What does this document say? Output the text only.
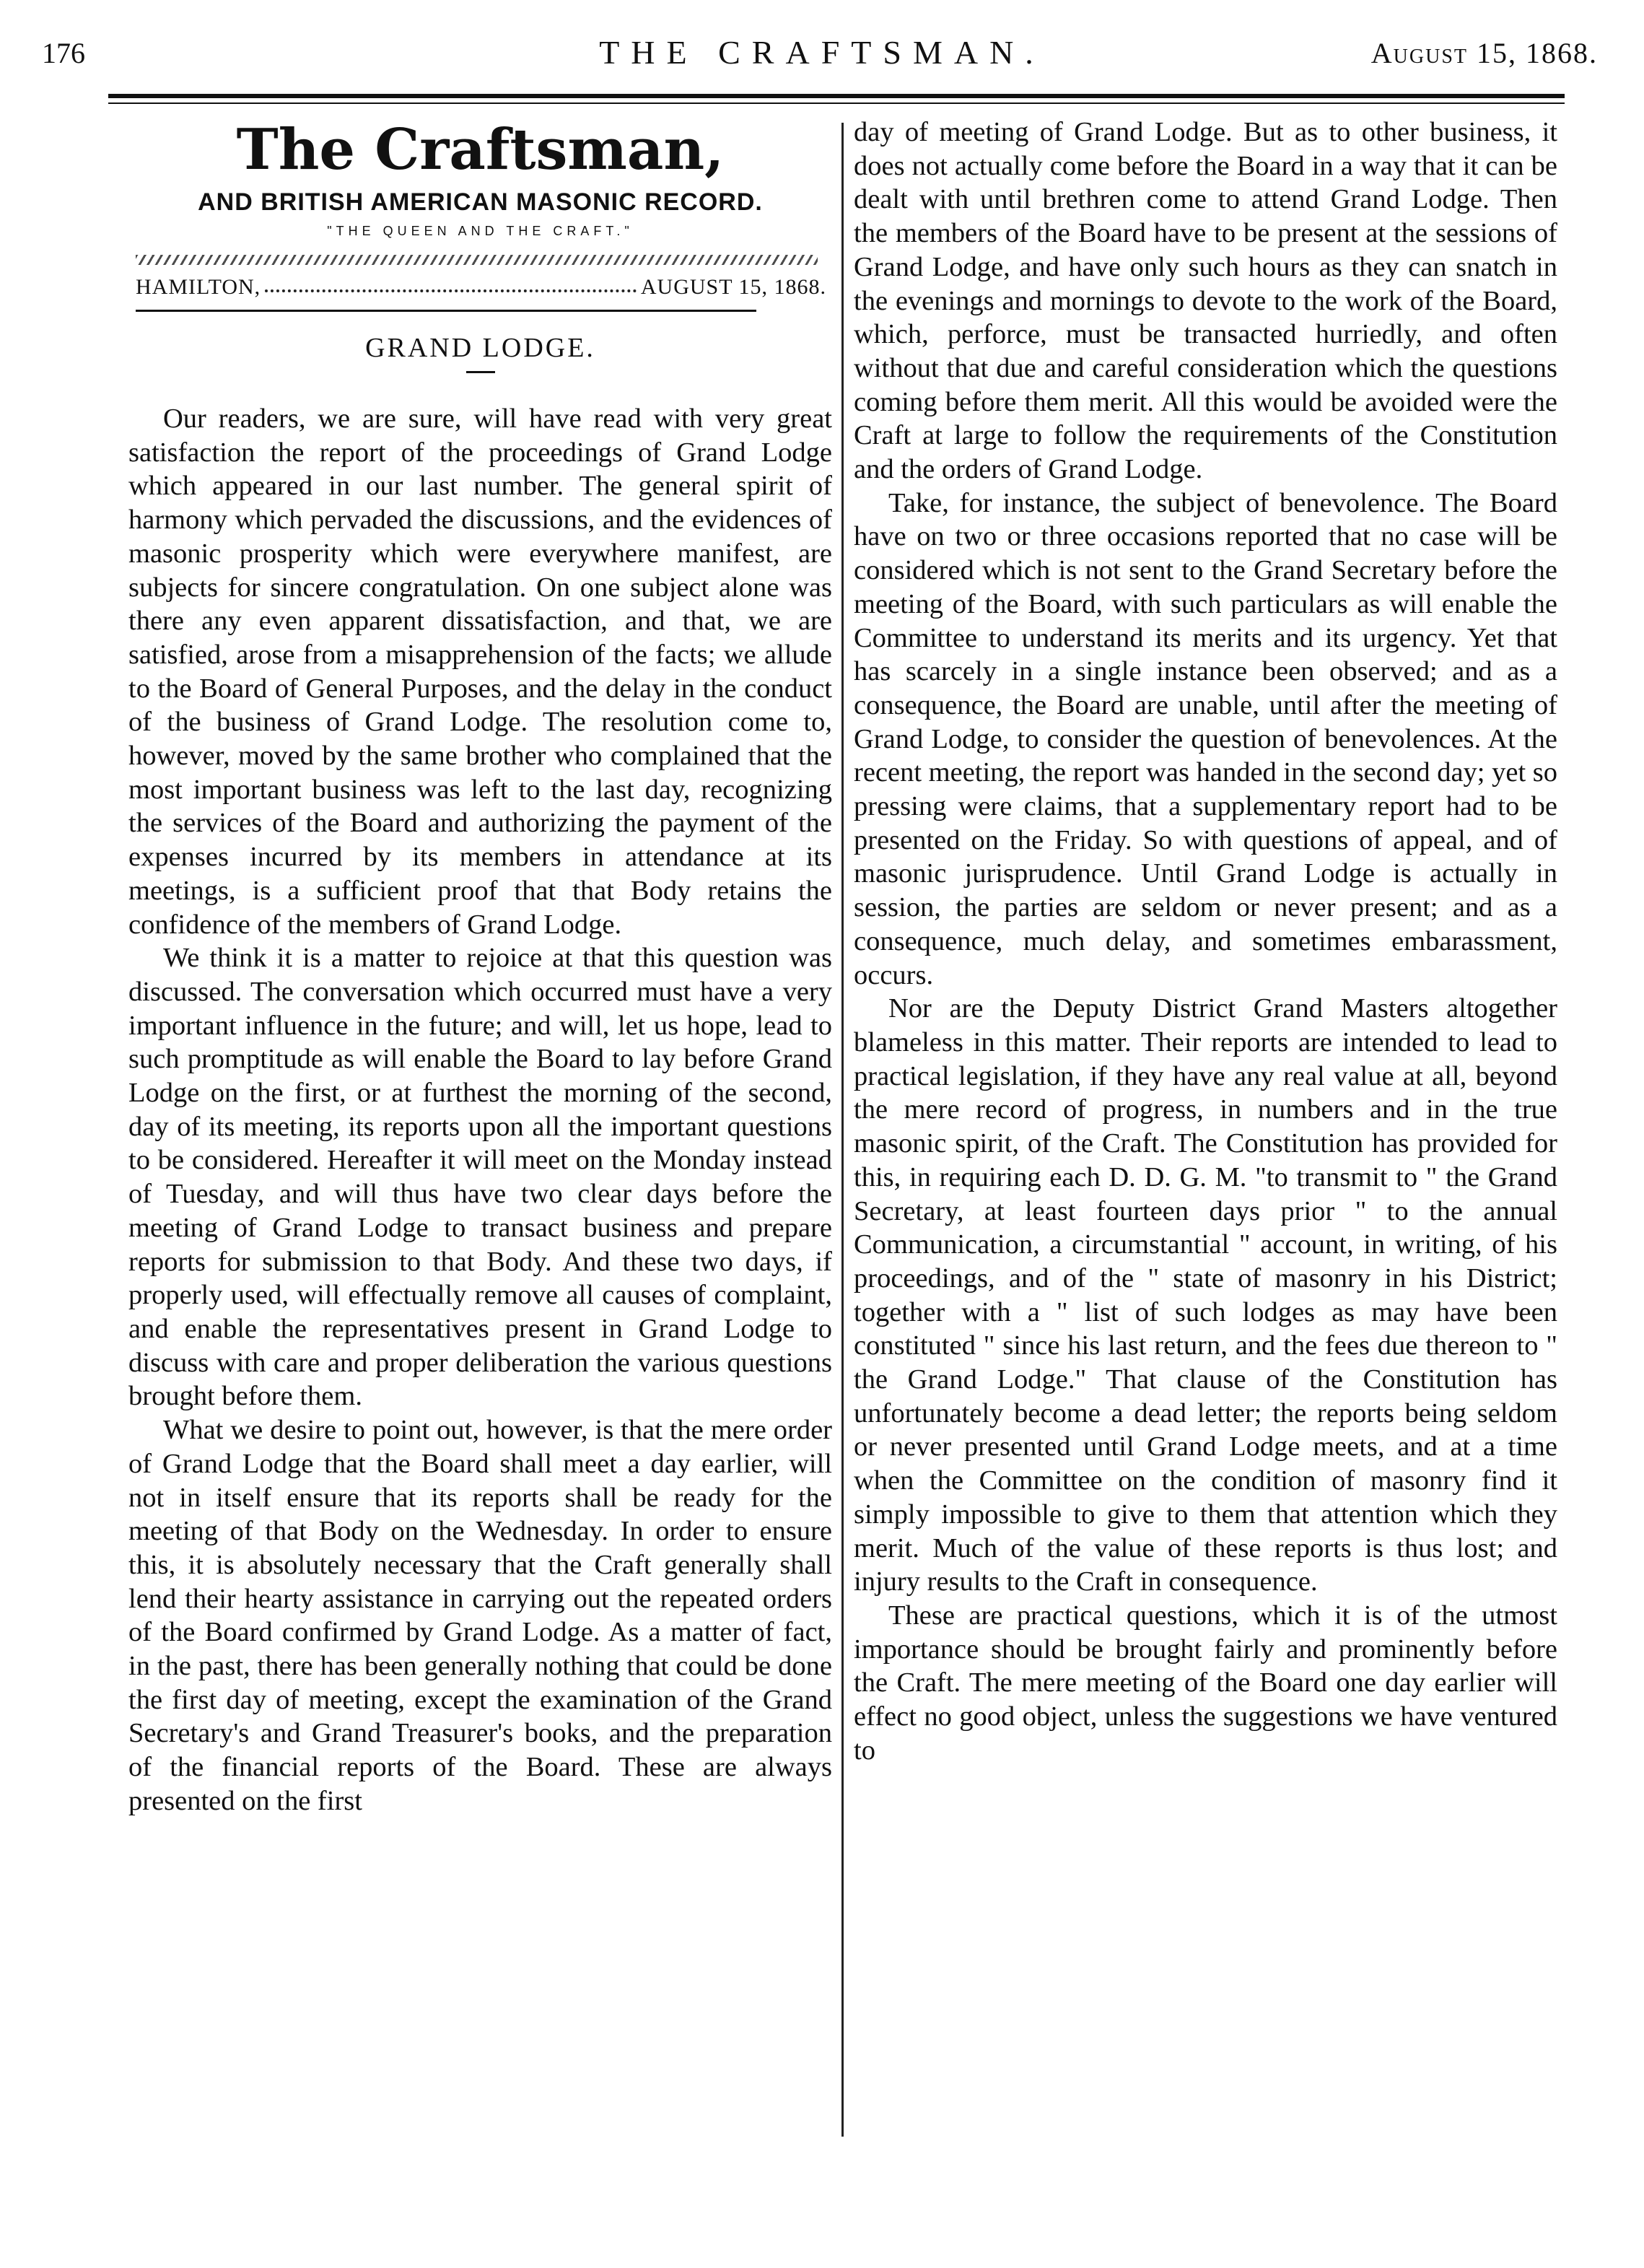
176	THE CRAFTSMAN.	August 15, 1868.
The Craftsman,
AND BRITISH AMERICAN MASONIC RECORD.
"THE QUEEN AND THE CRAFT."
HAMILTON,	AUGUST 15, 1868.
GRAND LODGE.

Our readers, we are sure, will have read with very great satisfaction the report of the proceedings of Grand Lodge which appeared in our last number. The general spirit of harmony which pervaded the discussions, and the evidences of masonic prosperity which were everywhere manifest, are subjects for sincere congratulation. On one subject alone was there any even apparent dissatisfaction, and that, we are satisfied, arose from a misapprehension of the facts; we allude to the Board of General Purposes, and the delay in the conduct of the business of Grand Lodge. The resolution come to, however, moved by the same brother who complained that the most important business was left to the last day, recognizing the services of the Board and authorizing the payment of the expenses incurred by its members in attendance at its meetings, is a sufficient proof that that Body retains the confidence of the members of Grand Lodge.

We think it is a matter to rejoice at that this question was discussed. The conversation which occurred must have a very important influence in the future; and will, let us hope, lead to such promptitude as will enable the Board to lay before Grand Lodge on the first, or at furthest the morning of the second, day of its meeting, its reports upon all the important questions to be considered. Hereafter it will meet on the Monday instead of Tuesday, and will thus have two clear days before the meeting of Grand Lodge to transact business and prepare reports for submission to that Body. And these two days, if properly used, will effectually remove all causes of complaint, and enable the representatives present in Grand Lodge to discuss with care and proper deliberation the various questions brought before them.

What we desire to point out, however, is that the mere order of Grand Lodge that the Board shall meet a day earlier, will not in itself ensure that its reports shall be ready for the meeting of that Body on the Wednesday. In order to ensure this, it is absolutely necessary that the Craft generally shall lend their hearty assistance in carrying out the repeated orders of the Board confirmed by Grand Lodge. As a matter of fact, in the past, there has been generally nothing that could be done the first day of meeting, except the examination of the Grand Secretary's and Grand Treasurer's books, and the preparation of the financial reports of the Board. These are always presented on the first

day of meeting of Grand Lodge. But as to other business, it does not actually come before the Board in a way that it can be dealt with until brethren come to attend Grand Lodge. Then the members of the Board have to be present at the sessions of Grand Lodge, and have only such hours as they can snatch in the evenings and mornings to devote to the work of the Board, which, perforce, must be transacted hurriedly, and often without that due and careful consideration which the questions coming before them merit. All this would be avoided were the Craft at large to follow the requirements of the Constitution and the orders of Grand Lodge.

Take, for instance, the subject of benevolence. The Board have on two or three occasions reported that no case will be considered which is not sent to the Grand Secretary before the meeting of the Board, with such particulars as will enable the Committee to understand its merits and its urgency. Yet that has scarcely in a single instance been observed; and as a consequence, the Board are unable, until after the meeting of Grand Lodge, to consider the question of benevolences. At the recent meeting, the report was handed in the second day; yet so pressing were claims, that a supplementary report had to be presented on the Friday. So with questions of appeal, and of masonic jurisprudence. Until Grand Lodge is actually in session, the parties are seldom or never present; and as a consequence, much delay, and sometimes embarassment, occurs.

Nor are the Deputy District Grand Masters altogether blameless in this matter. Their reports are intended to lead to practical legislation, if they have any real value at all, beyond the mere record of progress, in numbers and in the true masonic spirit, of the Craft. The Constitution has provided for this, in requiring each D. D. G. M. "to transmit to " the Grand Secretary, at least fourteen days prior " to the annual Communication, a circumstantial " account, in writing, of his proceedings, and of the " state of masonry in his District; together with a " list of such lodges as may have been constituted " since his last return, and the fees due thereon to " the Grand Lodge." That clause of the Constitution has unfortunately become a dead letter; the reports being seldom or never presented until Grand Lodge meets, and at a time when the Committee on the condition of masonry find it simply impossible to give to them that attention which they merit. Much of the value of these reports is thus lost; and injury results to the Craft in consequence.

These are practical questions, which it is of the utmost importance should be brought fairly and prominently before the Craft. The mere meeting of the Board one day earlier will effect no good object, unless the suggestions we have ventured to
